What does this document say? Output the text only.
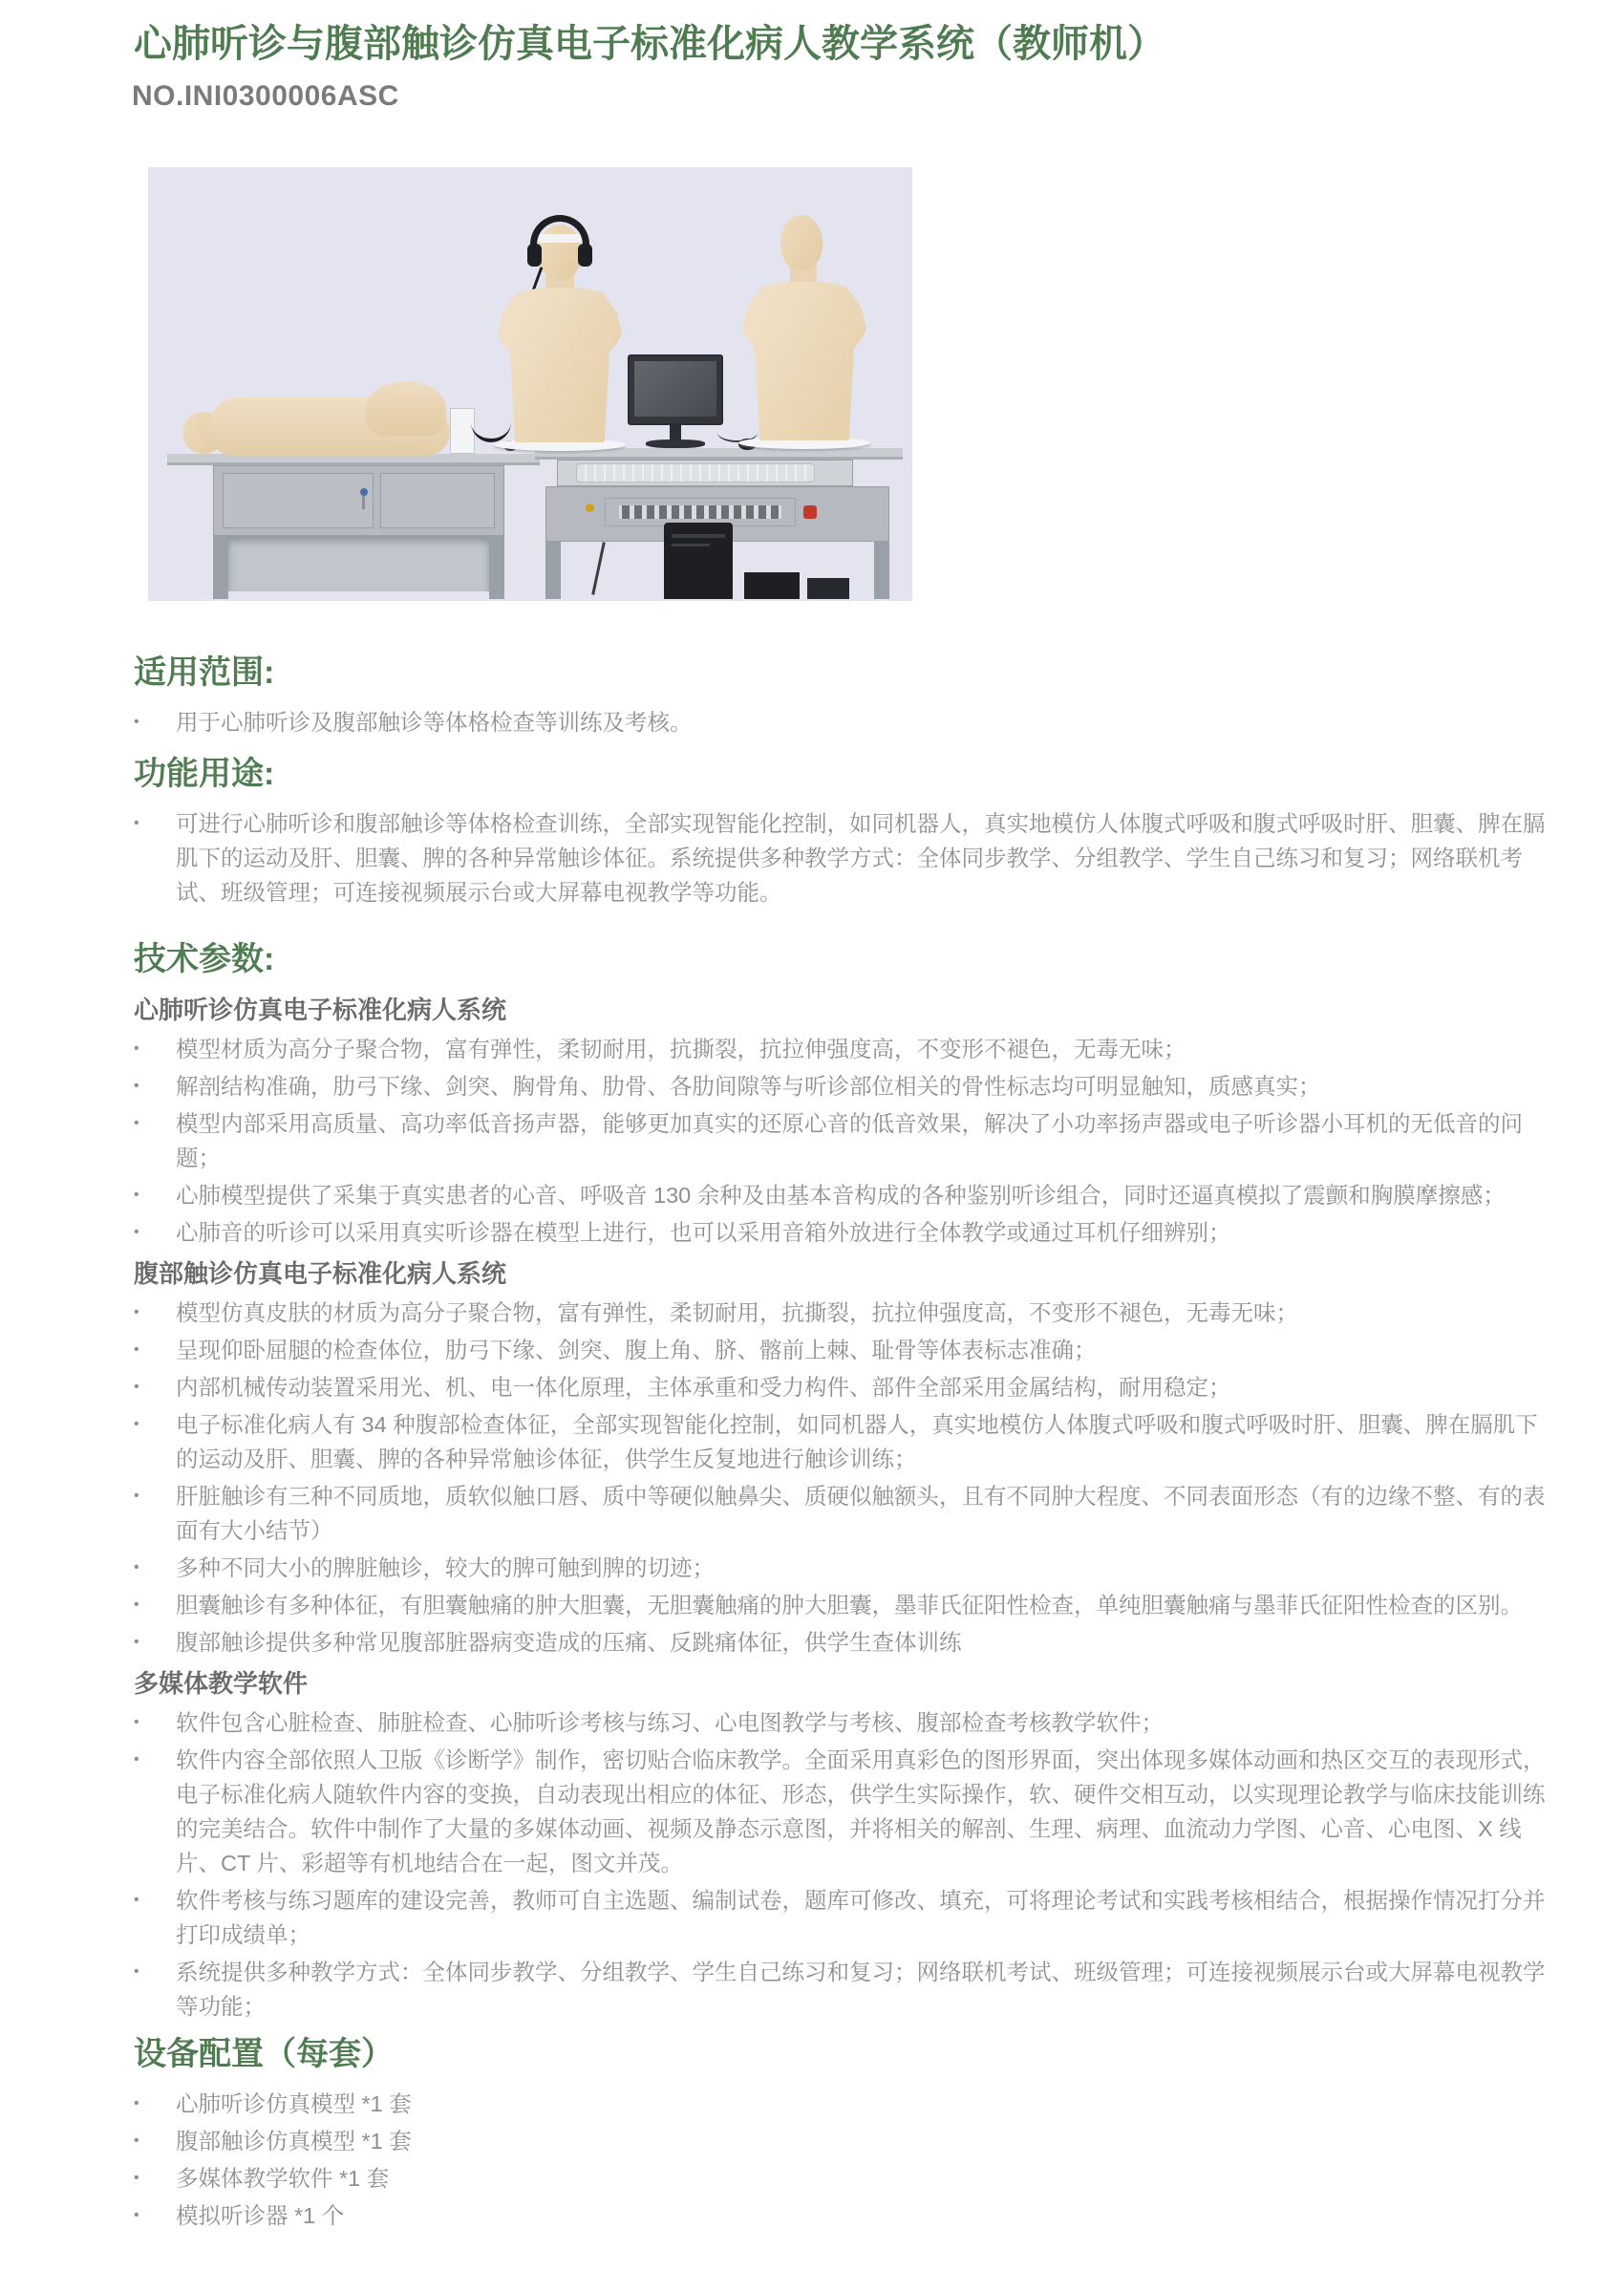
心肺听诊与腹部触诊仿真电子标准化病人教学系统（教师机）
NO.INI0300006ASC
适用范围:
•	用于心肺听诊及腹部触诊等体格检查等训练及考核。
功能用途:
•	可进行心肺听诊和腹部触诊等体格检查训练，全部实现智能化控制，如同机器人，真实地模仿人体腹式呼吸和腹式呼吸时肝、胆囊、脾在膈肌下的运动及肝、胆囊、脾的各种异常触诊体征。系统提供多种教学方式：全体同步教学、分组教学、学生自己练习和复习；网络联机考试、班级管理；可连接视频展示台或大屏幕电视教学等功能。
技术参数:
心肺听诊仿真电子标准化病人系统
•	模型材质为高分子聚合物，富有弹性，柔韧耐用，抗撕裂，抗拉伸强度高，不变形不褪色，无毒无味；
•	解剖结构准确，肋弓下缘、剑突、胸骨角、肋骨、各肋间隙等与听诊部位相关的骨性标志均可明显触知，质感真实；
•	模型内部采用高质量、高功率低音扬声器，能够更加真实的还原心音的低音效果，解决了小功率扬声器或电子听诊器小耳机的无低音的问题；
•	心肺模型提供了采集于真实患者的心音、呼吸音 130 余种及由基本音构成的各种鉴别听诊组合，同时还逼真模拟了震颤和胸膜摩擦感；
•	心肺音的听诊可以采用真实听诊器在模型上进行，也可以采用音箱外放进行全体教学或通过耳机仔细辨别；
腹部触诊仿真电子标准化病人系统
•	模型仿真皮肤的材质为高分子聚合物，富有弹性，柔韧耐用，抗撕裂，抗拉伸强度高，不变形不褪色，无毒无味；
•	呈现仰卧屈腿的检查体位，肋弓下缘、剑突、腹上角、脐、髂前上棘、耻骨等体表标志准确；
•	内部机械传动装置采用光、机、电一体化原理，主体承重和受力构件、部件全部采用金属结构，耐用稳定；
•	电子标准化病人有 34 种腹部检查体征，全部实现智能化控制，如同机器人，真实地模仿人体腹式呼吸和腹式呼吸时肝、胆囊、脾在膈肌下的运动及肝、胆囊、脾的各种异常触诊体征，供学生反复地进行触诊训练；
•	肝脏触诊有三种不同质地，质软似触口唇、质中等硬似触鼻尖、质硬似触额头，且有不同肿大程度、不同表面形态（有的边缘不整、有的表面有大小结节）
•	多种不同大小的脾脏触诊，较大的脾可触到脾的切迹；
•	胆囊触诊有多种体征，有胆囊触痛的肿大胆囊，无胆囊触痛的肿大胆囊，墨菲氏征阳性检查，单纯胆囊触痛与墨菲氏征阳性检查的区别。
•	腹部触诊提供多种常见腹部脏器病变造成的压痛、反跳痛体征，供学生查体训练
多媒体教学软件
•	软件包含心脏检查、肺脏检查、心肺听诊考核与练习、心电图教学与考核、腹部检查考核教学软件；
•	软件内容全部依照人卫版《诊断学》制作，密切贴合临床教学。全面采用真彩色的图形界面，突出体现多媒体动画和热区交互的表现形式，电子标准化病人随软件内容的变换，自动表现出相应的体征、形态，供学生实际操作，软、硬件交相互动，以实现理论教学与临床技能训练的完美结合。软件中制作了大量的多媒体动画、视频及静态示意图，并将相关的解剖、生理、病理、血流动力学图、心音、心电图、X 线片、CT 片、彩超等有机地结合在一起，图文并茂。
•	软件考核与练习题库的建设完善，教师可自主选题、编制试卷，题库可修改、填充，可将理论考试和实践考核相结合，根据操作情况打分并打印成绩单；
•	系统提供多种教学方式：全体同步教学、分组教学、学生自己练习和复习；网络联机考试、班级管理；可连接视频展示台或大屏幕电视教学等功能；
设备配置（每套）
•	心肺听诊仿真模型 *1 套
•	腹部触诊仿真模型 *1 套
•	多媒体教学软件 *1 套
•	模拟听诊器 *1 个
